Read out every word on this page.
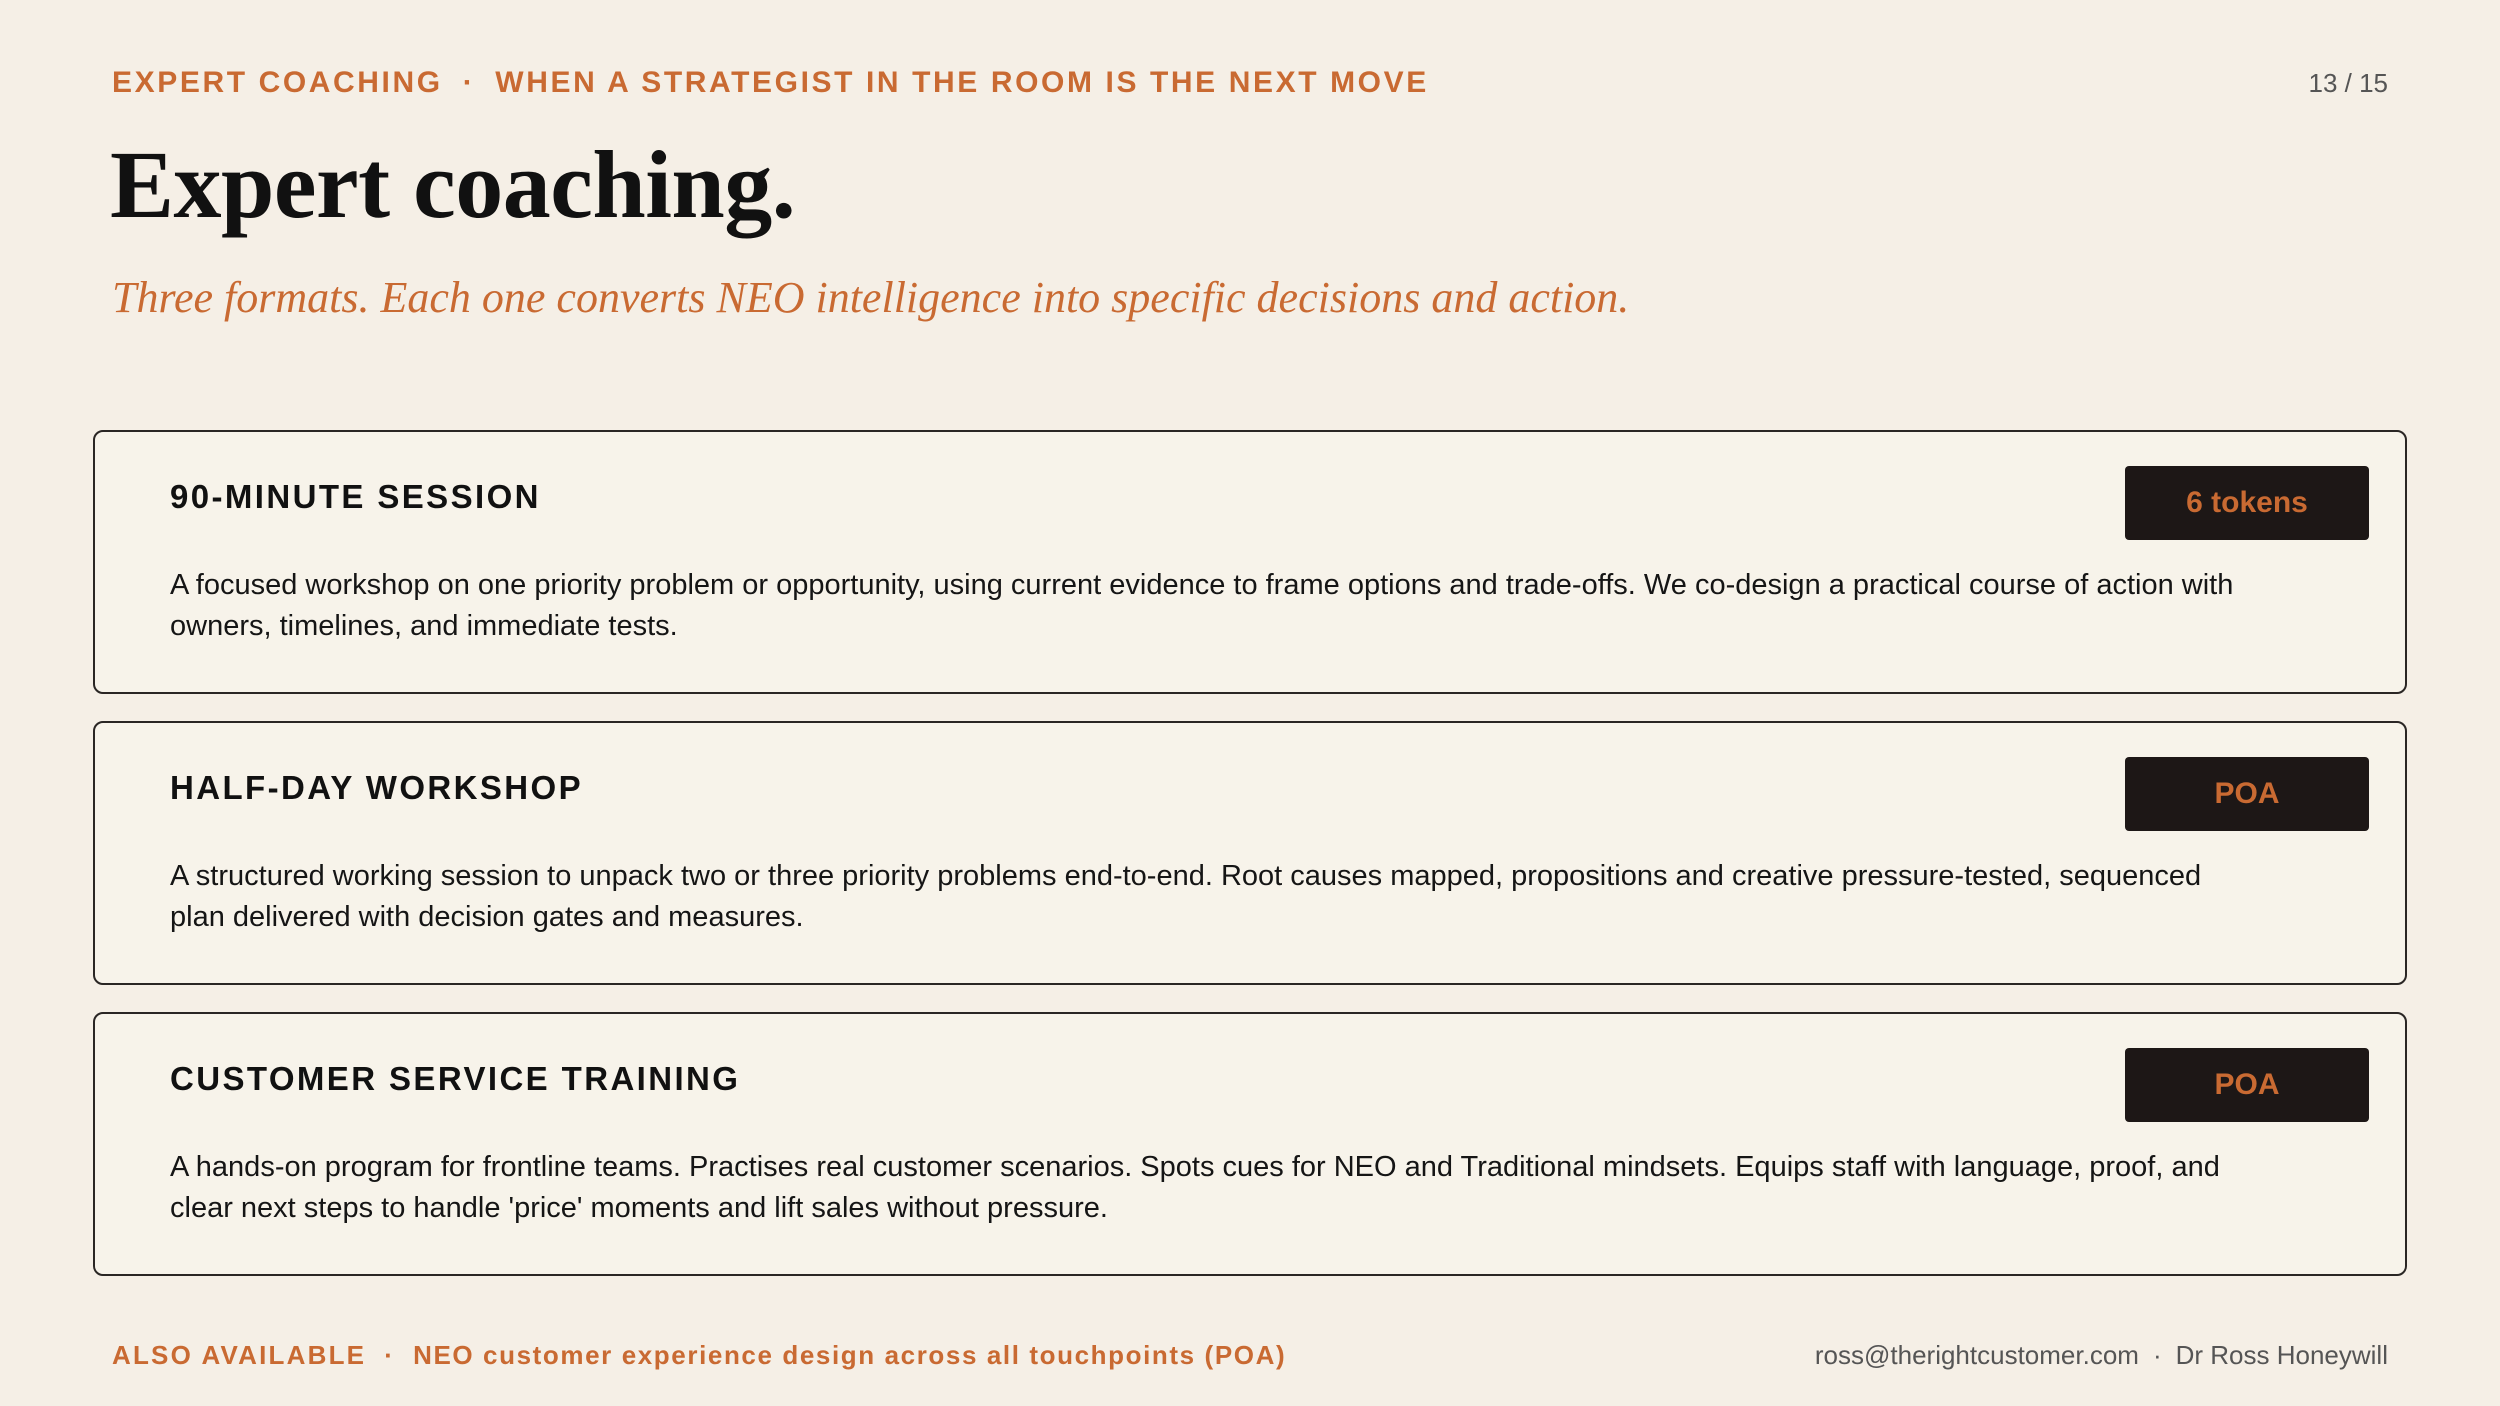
EXPERT COACHING · WHEN A STRATEGIST IN THE ROOM IS THE NEXT MOVE	13 / 15
Expert coaching.

Three formats. Each one converts NEO intelligence into specific decisions and action.

90-MINUTE SESSION	6 tokens

A focused workshop on one priority problem or opportunity, using current evidence to frame options and trade-offs. We co-design a practical course of action with owners, timelines, and immediate tests.

HALF-DAY WORKSHOP	POA

A structured working session to unpack two or three priority problems end-to-end. Root causes mapped, propositions and creative pressure-tested, sequenced plan delivered with decision gates and measures.

CUSTOMER SERVICE TRAINING	POA

A hands-on program for frontline teams. Practises real customer scenarios. Spots cues for NEO and Traditional mindsets. Equips staff with language, proof, and clear next steps to handle 'price' moments and lift sales without pressure.

ALSO AVAILABLE · NEO customer experience design across all touchpoints (POA)	ross@therightcustomer.com · Dr Ross Honeywill
